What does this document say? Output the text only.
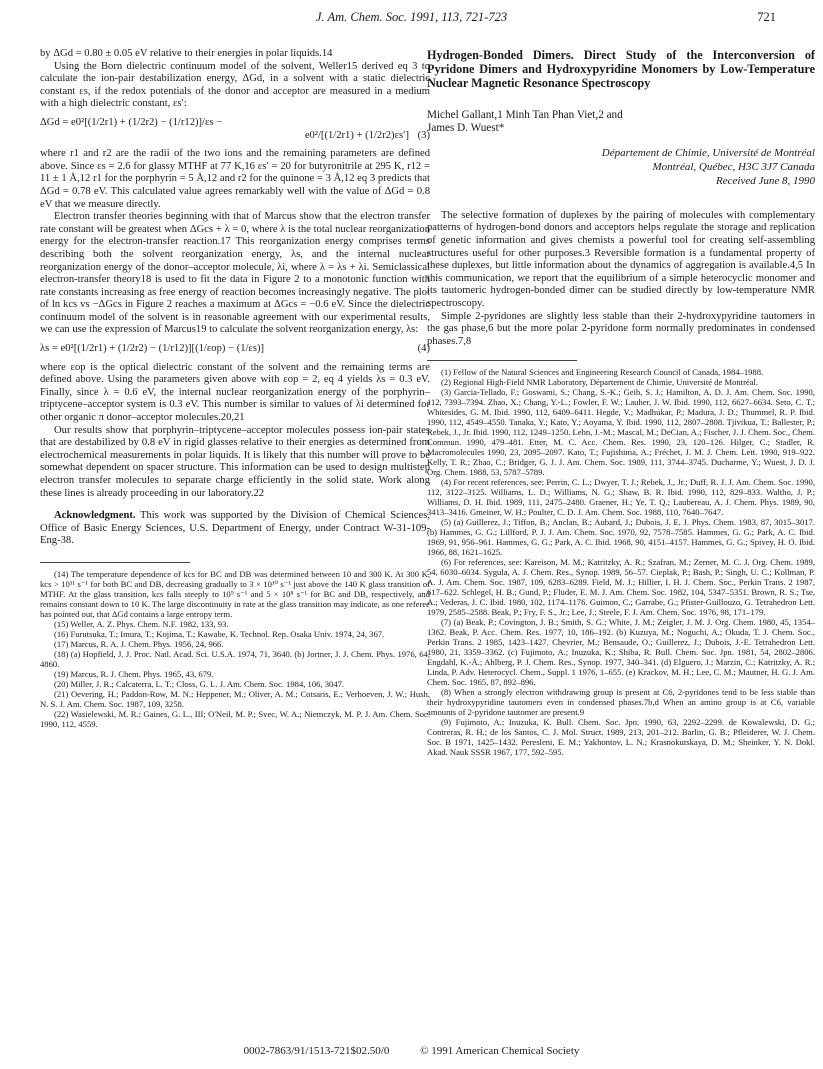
J. Am. Chem. Soc. 1991, 113, 721-723	721

by ΔGd = 0.80 ± 0.05 eV relative to their energies in polar liquids.14

Using the Born dielectric continuum model of the solvent, Weller15 derived eq 3 to calculate the ion-pair destabilization energy, ΔGd, in a solvent with a static dielectric constant εs, if the redox potentials of the donor and acceptor are measured in a medium with a high dielectric constant, εs′:

ΔGd = e0²[(1/2r1) + (1/2r2) − (1/r12)]/εs −
e0²/[(1/2r1) + (1/2r2)εs′] (3)

where r1 and r2 are the radii of the two ions and the remaining parameters are defined above. Since εs = 2.6 for glassy MTHF at 77 K,16 εs′ = 20 for butyronitrile at 295 K, r12 = 11 ± 1 Å,12 r1 for the porphyrin = 5 Å,12 and r2 for the quinone = 3 Å,12 eq 3 predicts that ΔGd = 0.78 eV. This calculated value agrees remarkably well with the value of ΔGd = 0.8 eV that we measure directly.

Electron transfer theories beginning with that of Marcus show that the electron transfer rate constant will be greatest when ΔGcs + λ = 0, where λ is the total nuclear reorganization energy for the electron-transfer reaction.17 This reorganization energy comprises terms describing both the solvent reorganization energy, λs, and the internal nuclear reorganization energy of the donor–acceptor molecule, λi, where λ = λs + λi. Semiclassical electron-transfer theory18 is used to fit the data in Figure 2 to a monotonic function with rate constants increasing as free energy of reaction becomes increasingly negative. The plot of ln kcs vs −ΔGcs in Figure 2 reaches a maximum at ΔGcs = −0.6 eV. Since the dielectric continuum model of the solvent is in reasonable agreement with our experimental results, we can use the expression of Marcus19 to calculate the solvent reorganization energy, λs:

λs = e0²[(1/2r1) + (1/2r2) − (1/r12)][(1/εop) − (1/εs)]	(4)

where εop is the optical dielectric constant of the solvent and the remaining terms are defined above. Using the parameters given above with εop = 2, eq 4 yields λs = 0.3 eV. Finally, since λ = 0.6 eV, the internal nuclear reorganization energy of the porphyrin–triptycene–acceptor system is 0.3 eV. This number is similar to values of λi determined for other organic π donor–acceptor molecules.20,21

Our results show that porphyrin–triptycene–acceptor molecules possess ion-pair states that are destabilized by 0.8 eV in rigid glasses relative to their energies as determined from electrochemical measurements in polar liquids. It is likely that this number will prove to be somewhat dependent on spacer structure. This information can be used to design multistep electron transfer molecules to separate charge efficiently in the solid state. Work along these lines is already proceeding in our laboratory.22

Acknowledgment. This work was supported by the Division of Chemical Sciences, Office of Basic Energy Sciences, U.S. Department of Energy, under Contract W-31-109-Eng-38.

(14) The temperature dependence of kcs for BC and DB was determined between 10 and 300 K. At 300 K, kcs > 10¹¹ s⁻¹ for both BC and DB, decreasing gradually to 3 × 10¹⁰ s⁻¹ just above the 140 K glass transition of MTHF. At the glass transition, kcs falls steeply to 10⁹ s⁻¹ and 5 × 10⁸ s⁻¹ for BC and DB, respectively, and remains constant down to 10 K. The large discontinuity in rate at the glass transition may indicate, as one referee has pointed out, that ΔGd contains a large entropy term.

(15) Weller, A. Z. Phys. Chem. N.F. 1982, 133, 93.

(16) Furutsuka, T.; Imura, T.; Kojima, T.; Kawabe, K. Technol. Rep. Osaka Univ. 1974, 24, 367.

(17) Marcus, R. A. J. Chem. Phys. 1956, 24, 966.

(18) (a) Hopfield, J. J. Proc. Natl. Acad. Sci. U.S.A. 1974, 71, 3640. (b) Jortner, J. J. Chem. Phys. 1976, 64, 4860.

(19) Marcus, R. J. Chem. Phys. 1965, 43, 679.

(20) Miller, J. R.; Calcaterra, L. T.; Closs, G. L. J. Am. Chem. Soc. 1984, 106, 3047.

(21) Oevering, H.; Paddon-Row, M. N.; Heppener, M.; Oliver, A. M.; Cotsaris, E.; Verhoeven, J. W.; Hush, N. S. J. Am. Chem. Soc. 1987, 109, 3258.

(22) Wasielewski, M. R.; Gaines, G. L., III; O'Neil, M. P.; Svec, W. A.; Niemczyk, M. P. J. Am. Chem. Soc. 1990, 112, 4559.

Hydrogen-Bonded Dimers. Direct Study of the Interconversion of Pyridone Dimers and Hydroxypyridine Monomers by Low-Temperature Nuclear Magnetic Resonance Spectroscopy

Michel Gallant,1 Minh Tan Phan Viet,2 and
James D. Wuest*
Département de Chimie, Université de Montréal
Montréal, Québec, H3C 3J7 Canada
Received June 8, 1990

The selective formation of duplexes by the pairing of molecules with complementary patterns of hydrogen-bond donors and acceptors helps regulate the storage and replication of genetic information and gives chemists a powerful tool for creating self-assembling structures useful for other purposes.3 Reversible formation is a fundamental property of these duplexes, but little information about the dynamics of aggregation is available.4,5 In this communication, we report that the equilibrium of a simple heterocyclic monomer and its tautomeric hydrogen-bonded dimer can be studied directly by low-temperature NMR spectroscopy.

Simple 2-pyridones are slightly less stable than their 2-hydroxypyridine tautomers in the gas phase,6 but the more polar 2-pyridone form normally predominates in condensed phases.7,8

(1) Fellow of the Natural Sciences and Engineering Research Council of Canada, 1984–1988.

(2) Regional High-Field NMR Laboratory, Département de Chimie, Université de Montréal.

(3) Garcia-Tellado, F.; Goswami, S.; Chang, S.-K.; Geib, S. J.; Hamilton, A. D. J. Am. Chem. Soc. 1990, 112, 7393–7394. Zhao, X.; Chang, Y.-L.; Fowler, F. W.; Lauher, J. W. Ibid. 1990, 112, 6627–6634. Seto, C. T.; Whitesides, G. M. Ibid. 1990, 112, 6409–6411. Hegde, V.; Madhukar, P.; Madura, J. D.; Thummel, R. P. Ibid. 1990, 112, 4549–4550. Tanaka, Y.; Kato, Y.; Aoyama, Y. Ibid. 1990, 112, 2807–2808. Tjivikua, T.; Ballester, P.; Rebek, J., Jr. Ibid. 1990, 112, 1249–1250. Lehn, J.-M.; Mascal, M.; DeCian, A.; Fischer, J. J. Chem. Soc., Chem. Commun. 1990, 479–481. Etter, M. C. Acc. Chem. Res. 1990, 23, 120–126. Hilger, C.; Stadler, R. Macromolecules 1990, 23, 2095–2097. Kato, T.; Fujishima, A.; Fréchet, J. M. J. Chem. Lett. 1990, 919–922. Kelly, T. R.; Zhao, C.; Bridger, G. J. J. Am. Chem. Soc. 1989, 111, 3744–3745. Ducharme, Y.; Wuest, J. D. J. Org. Chem. 1988, 53, 5787–5789.

(4) For recent references, see: Perrin, C. L.; Dwyer, T. J.; Rebek, J., Jr.; Duff, R. J. J. Am. Chem. Soc. 1990, 112, 3122–3125. Williams, L. D.; Williams, N. G.; Shaw, B. R. Ibid. 1990, 112, 829–833. Waltho, J. P.; Williams, D. H. Ibid. 1989, 111, 2475–2480. Graener, H.; Ye, T. Q.; Laubereau, A. J. Chem. Phys. 1989, 90, 3413–3416. Gmeiner, W. H.; Poulter, C. D. J. Am. Chem. Soc. 1988, 110, 7640–7647.

(5) (a) Guillerez, J.; Tiffon, B.; Anclan, B.; Aubard, J.; Dubois, J. E. J. Phys. Chem. 1983, 87, 3015–3017. (b) Hammes, G. G.; Lillford, P. J. J. Am. Chem. Soc. 1970, 92, 7578–7585. Hammes, G. G.; Park, A. C. Ibid. 1969, 91, 956–961. Hammes, G. G.; Park, A. C. Ibid. 1968, 90, 4151–4157. Hammes, G. G.; Spivey, H. O. Ibid. 1966, 88, 1621–1625.

(6) For references, see: Kareison, M. M.; Katritzky, A. R.; Szafran, M.; Zerner, M. C. J. Org. Chem. 1989, 54, 6030–6034. Sygula, A. J. Chem. Res., Synop. 1989, 56–57. Cieplak, P.; Bash, P.; Singh, U. C.; Kollman, P. A. J. Am. Chem. Soc. 1987, 109, 6283–6289. Field, M. J.; Hillier, I. H. J. Chem. Soc., Perkin Trans. 2 1987, 617–622. Schlegel, H. B.; Gund, P.; Fluder, E. M. J. Am. Chem. Soc. 1982, 104, 5347–5351. Brown, R. S.; Tse, A.; Vederas, J. C. Ibid. 1980, 102, 1174–1176. Guimon, C.; Garrabe, G.; Pfister-Guillouzo, G. Tetrahedron Lett. 1979, 2585–2588. Beak, P.; Fry, F. S., Jr.; Lee, J.; Steele, F. J. Am. Chem. Soc. 1976, 98, 171–179.

(7) (a) Beak, P.; Covington, J. B.; Smith, S. G.; White, J. M.; Zeigler, J. M. J. Org. Chem. 1980, 45, 1354–1362. Beak, P. Acc. Chem. Res. 1977, 10, 186–192. (b) Kuzuya, M.; Noguchi, A.; Okuda, T. J. Chem. Soc., Perkin Trans. 2 1985, 1423–1427. Chevrier, M.; Bensaude, O.; Guillerez, J.; Dubois, J.-E. Tetrahedron Lett. 1980, 21, 3359–3362. (c) Fujimoto, A.; Inuzuka, K.; Shiba, R. Bull. Chem. Soc. Jpn. 1981, 54, 2802–2806. Engdahl, K.-Å.; Ahlberg, P. J. Chem. Res., Synop. 1977, 340–341. (d) Elguero, J.; Marzin, C.; Katritzky, A. R.; Linda, P. Adv. Heterocycl. Chem., Suppl. 1 1976, 1–655. (e) Krackov, M. H.; Lee, C. M.; Mautner, H. G. J. Am. Chem. Soc. 1965, 87, 892–896.

(8) When a strongly electron withdrawing group is present at C6, 2-pyridones tend to be less stable than their hydroxypyridine tautomers even in condensed phases.7b,d When an amino group is at C6, variable amounts of 2-pyridone tautomer are present.9

(9) Fujimoto, A.; Inuzuka, K. Bull. Chem. Soc. Jpn. 1990, 63, 2292–2299. de Kowalewski, D. G.; Contreras, R. H.; de los Santos, C. J. Mol. Struct. 1989, 213, 201–212. Barlin, G. B.; Pfleiderer, W. J. Chem. Soc. B 1971, 1425–1432. Peresleni, E. M.; Yakhontov, L. N.; Krasnokutskaya, D. M.; Sheinker, Y. N. Dokl. Akad. Nauk SSSR 1967, 177, 592–595.

0002-7863/91/1513-721$02.50/0	© 1991 American Chemical Society
